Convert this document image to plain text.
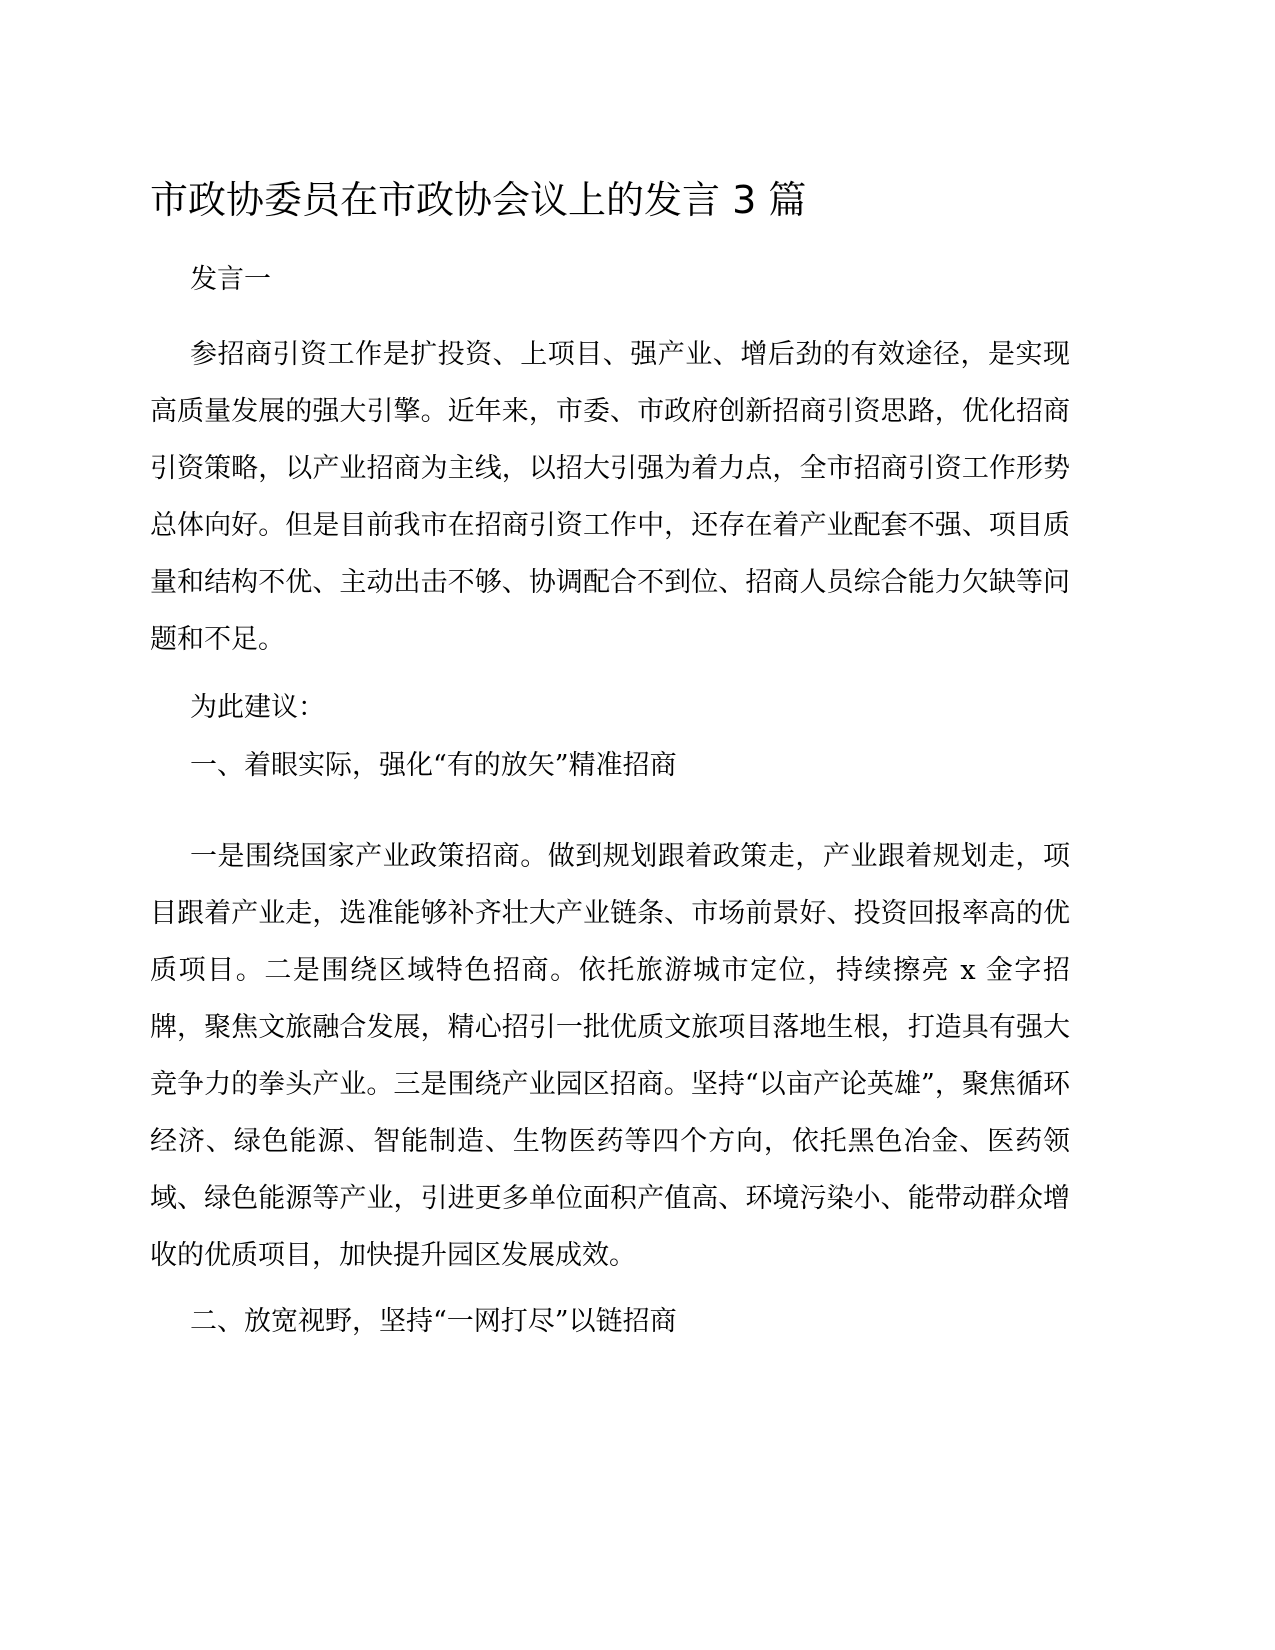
市政协委员在市政协会议上的发言 3 篇

发言一

参招商引资工作是扩投资、上项目、强产业、增后劲的有效途径，是实现高质量发展的强大引擎。近年来，市委、市政府创新招商引资思路，优化招商引资策略，以产业招商为主线，以招大引强为着力点，全市招商引资工作形势总体向好。但是目前我市在招商引资工作中，还存在着产业配套不强、项目质量和结构不优、主动出击不够、协调配合不到位、招商人员综合能力欠缺等问题和不足。

为此建议：

一、着眼实际，强化“有的放矢”精准招商

一是围绕国家产业政策招商。做到规划跟着政策走，产业跟着规划走，项目跟着产业走，选准能够补齐壮大产业链条、市场前景好、投资回报率高的优质项目。二是围绕区域特色招商。依托旅游城市定位，持续擦亮 x 金字招牌，聚焦文旅融合发展，精心招引一批优质文旅项目落地生根，打造具有强大竞争力的拳头产业。三是围绕产业园区招商。坚持“以亩产论英雄”，聚焦循环经济、绿色能源、智能制造、生物医药等四个方向，依托黑色冶金、医药领域、绿色能源等产业，引进更多单位面积产值高、环境污染小、能带动群众增收的优质项目，加快提升园区发展成效。

二、放宽视野，坚持“一网打尽”以链招商
